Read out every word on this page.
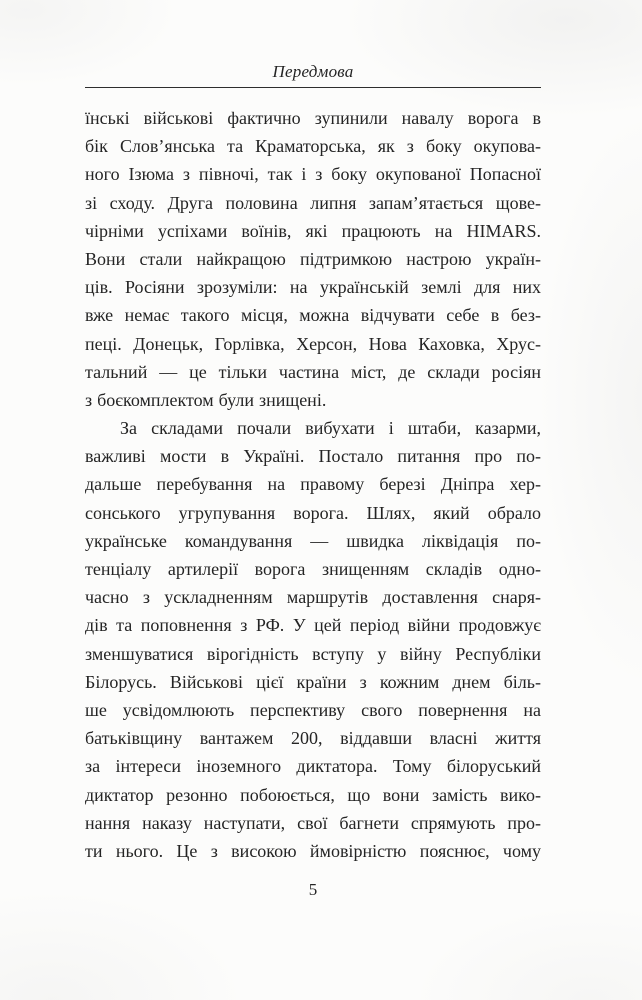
Передмова
їнські військові фактично зупинили навалу ворога в
бік Слов’янська та Краматорська, як з боку окупова-
ного Ізюма з півночі, так і з боку окупованої Попасної
зі сходу. Друга половина липня запам’ятається щове-
чірніми успіхами воїнів, які працюють на HIMARS.
Вони стали найкращою підтримкою настрою україн-
ців. Росіяни зрозуміли: на українській землі для них
вже немає такого місця, можна відчувати себе в без-
пеці. Донецьк, Горлівка, Херсон, Нова Каховка, Хрус-
тальний — це тільки частина міст, де склади росіян
з боєкомплектом були знищені.
За складами почали вибухати і штаби, казарми,
важливі мости в Україні. Постало питання про по-
дальше перебування на правому березі Дніпра хер-
сонського угрупування ворога. Шлях, який обрало
українське командування — швидка ліквідація по-
тенціалу артилерії ворога знищенням складів одно-
часно з ускладненням маршрутів доставлення снаря-
дів та поповнення з РФ. У цей період війни продовжує
зменшуватися вірогідність вступу у війну Республіки
Білорусь. Військові цієї країни з кожним днем біль-
ше усвідомлюють перспективу свого повернення на
батьківщину вантажем 200, віддавши власні життя
за інтереси іноземного диктатора. Тому білоруський
диктатор резонно побоюється, що вони замість вико-
нання наказу наступати, свої багнети спрямують про-
ти нього. Це з високою ймовірністю пояснює, чому
5
